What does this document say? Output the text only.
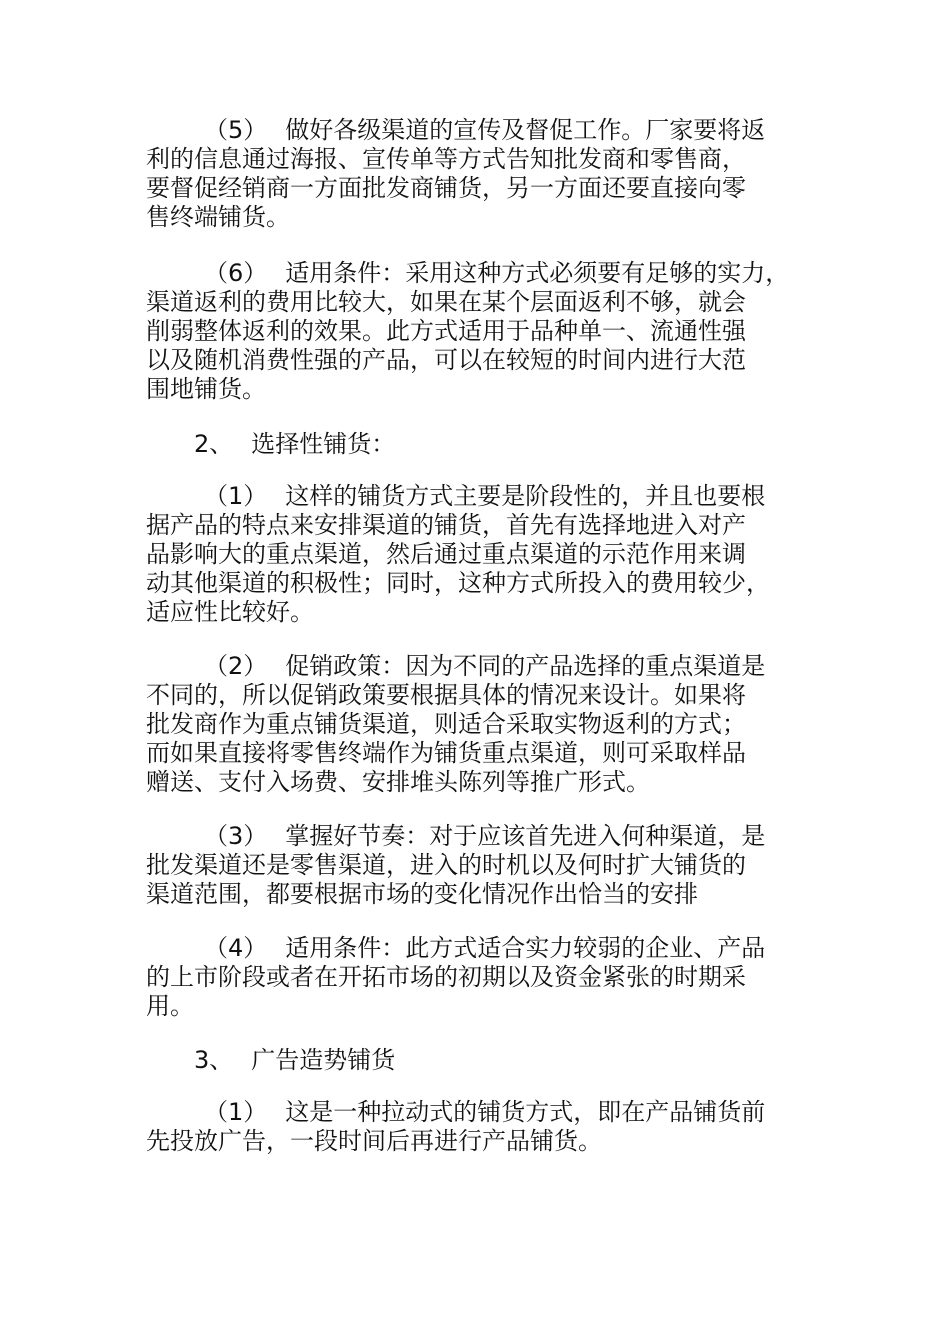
（5） 做好各级渠道的宣传及督促工作。厂家要将返
利的信息通过海报、宣传单等方式告知批发商和零售商，
要督促经销商一方面批发商铺货，另一方面还要直接向零
售终端铺货。
（6） 适用条件：采用这种方式必须要有足够的实力，
渠道返利的费用比较大，如果在某个层面返利不够，就会
削弱整体返利的效果。此方式适用于品种单一、流通性强
以及随机消费性强的产品，可以在较短的时间内进行大范
围地铺货。
2、 选择性铺货：
（1） 这样的铺货方式主要是阶段性的，并且也要根
据产品的特点来安排渠道的铺货，首先有选择地进入对产
品影响大的重点渠道，然后通过重点渠道的示范作用来调
动其他渠道的积极性；同时，这种方式所投入的费用较少，
适应性比较好。
（2） 促销政策：因为不同的产品选择的重点渠道是
不同的，所以促销政策要根据具体的情况来设计。如果将
批发商作为重点铺货渠道，则适合采取实物返利的方式；
而如果直接将零售终端作为铺货重点渠道，则可采取样品
赠送、支付入场费、安排堆头陈列等推广形式。
（3） 掌握好节奏：对于应该首先进入何种渠道，是
批发渠道还是零售渠道，进入的时机以及何时扩大铺货的
渠道范围，都要根据市场的变化情况作出恰当的安排
（4） 适用条件：此方式适合实力较弱的企业、产品
的上市阶段或者在开拓市场的初期以及资金紧张的时期采
用。
3、 广告造势铺货
（1） 这是一种拉动式的铺货方式，即在产品铺货前
先投放广告，一段时间后再进行产品铺货。
